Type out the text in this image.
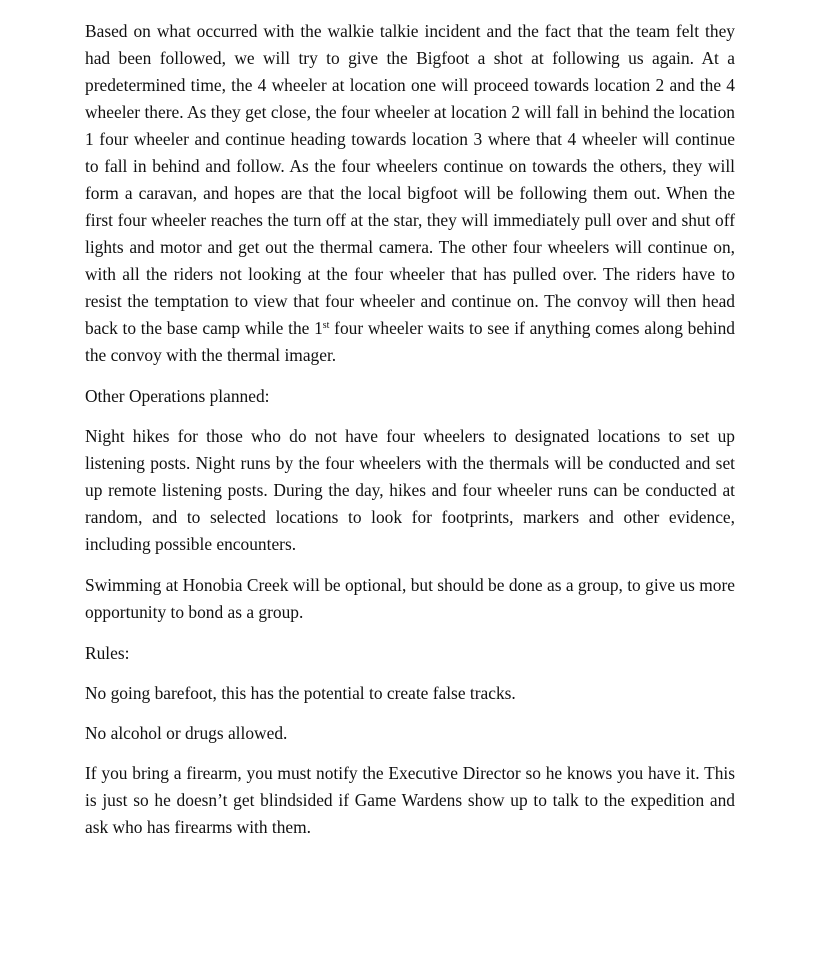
Based on what occurred with the walkie talkie incident and the fact that the team felt they had been followed, we will try to give the Bigfoot a shot at following us again. At a predetermined time, the 4 wheeler at location one will proceed towards location 2 and the 4 wheeler there. As they get close, the four wheeler at location 2 will fall in behind the location 1 four wheeler and continue heading towards location 3 where that 4 wheeler will continue to fall in behind and follow. As the four wheelers continue on towards the others, they will form a caravan, and hopes are that the local bigfoot will be following them out. When the first four wheeler reaches the turn off at the star, they will immediately pull over and shut off lights and motor and get out the thermal camera. The other four wheelers will continue on, with all the riders not looking at the four wheeler that has pulled over. The riders have to resist the temptation to view that four wheeler and continue on. The convoy will then head back to the base camp while the 1st four wheeler waits to see if anything comes along behind the convoy with the thermal imager.

Other Operations planned:

Night hikes for those who do not have four wheelers to designated locations to set up listening posts. Night runs by the four wheelers with the thermals will be conducted and set up remote listening posts. During the day, hikes and four wheeler runs can be conducted at random, and to selected locations to look for footprints, markers and other evidence, including possible encounters.

Swimming at Honobia Creek will be optional, but should be done as a group, to give us more opportunity to bond as a group.

Rules:

No going barefoot, this has the potential to create false tracks.

No alcohol or drugs allowed.

If you bring a firearm, you must notify the Executive Director so he knows you have it. This is just so he doesn’t get blindsided if Game Wardens show up to talk to the expedition and ask who has firearms with them.
